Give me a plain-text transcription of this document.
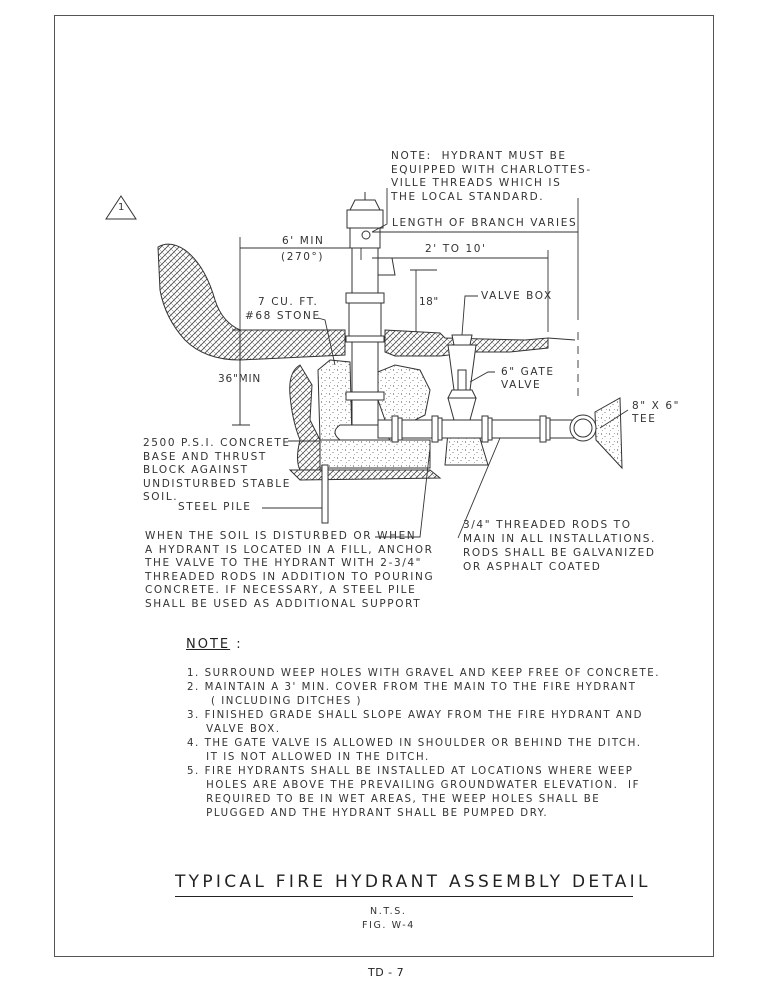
1
NOTE:  HYDRANT MUST BE
EQUIPPED WITH CHARLOTTES-
VILLE THREADS WHICH IS
THE LOCAL STANDARD.
LENGTH OF BRANCH VARIES
6' MIN
(270°)
2' TO 10'
18"	VALVE BOX
7 CU. FT.
#68 STONE
6" GATE
VALVE
8" X 6"
TEE
36"MIN
2500 P.S.I. CONCRETE
BASE AND THRUST
BLOCK AGAINST
UNDISTURBED STABLE
SOIL.
STEEL PILE
WHEN THE SOIL IS DISTURBED OR WHEN
A HYDRANT IS LOCATED IN A FILL, ANCHOR
THE VALVE TO THE HYDRANT WITH 2-3/4"
THREADED RODS IN ADDITION TO POURING
CONCRETE. IF NECESSARY, A STEEL PILE
SHALL BE USED AS ADDITIONAL SUPPORT
3/4" THREADED RODS TO
MAIN IN ALL INSTALLATIONS.
RODS SHALL BE GALVANIZED
OR ASPHALT COATED
NOTE :
1. SURROUND WEEP HOLES WITH GRAVEL AND KEEP FREE OF CONCRETE.
2. MAINTAIN A 3' MIN. COVER FROM THE MAIN TO THE FIRE HYDRANT
( INCLUDING DITCHES )
3. FINISHED GRADE SHALL SLOPE AWAY FROM THE FIRE HYDRANT AND
VALVE BOX.
4. THE GATE VALVE IS ALLOWED IN SHOULDER OR BEHIND THE DITCH.
IT IS NOT ALLOWED IN THE DITCH.
5. FIRE HYDRANTS SHALL BE INSTALLED AT LOCATIONS WHERE WEEP
HOLES ARE ABOVE THE PREVAILING GROUNDWATER ELEVATION.  IF
REQUIRED TO BE IN WET AREAS, THE WEEP HOLES SHALL BE
PLUGGED AND THE HYDRANT SHALL BE PUMPED DRY.
TYPICAL FIRE HYDRANT ASSEMBLY DETAIL
N.T.S.
FIG. W-4
TD - 7
